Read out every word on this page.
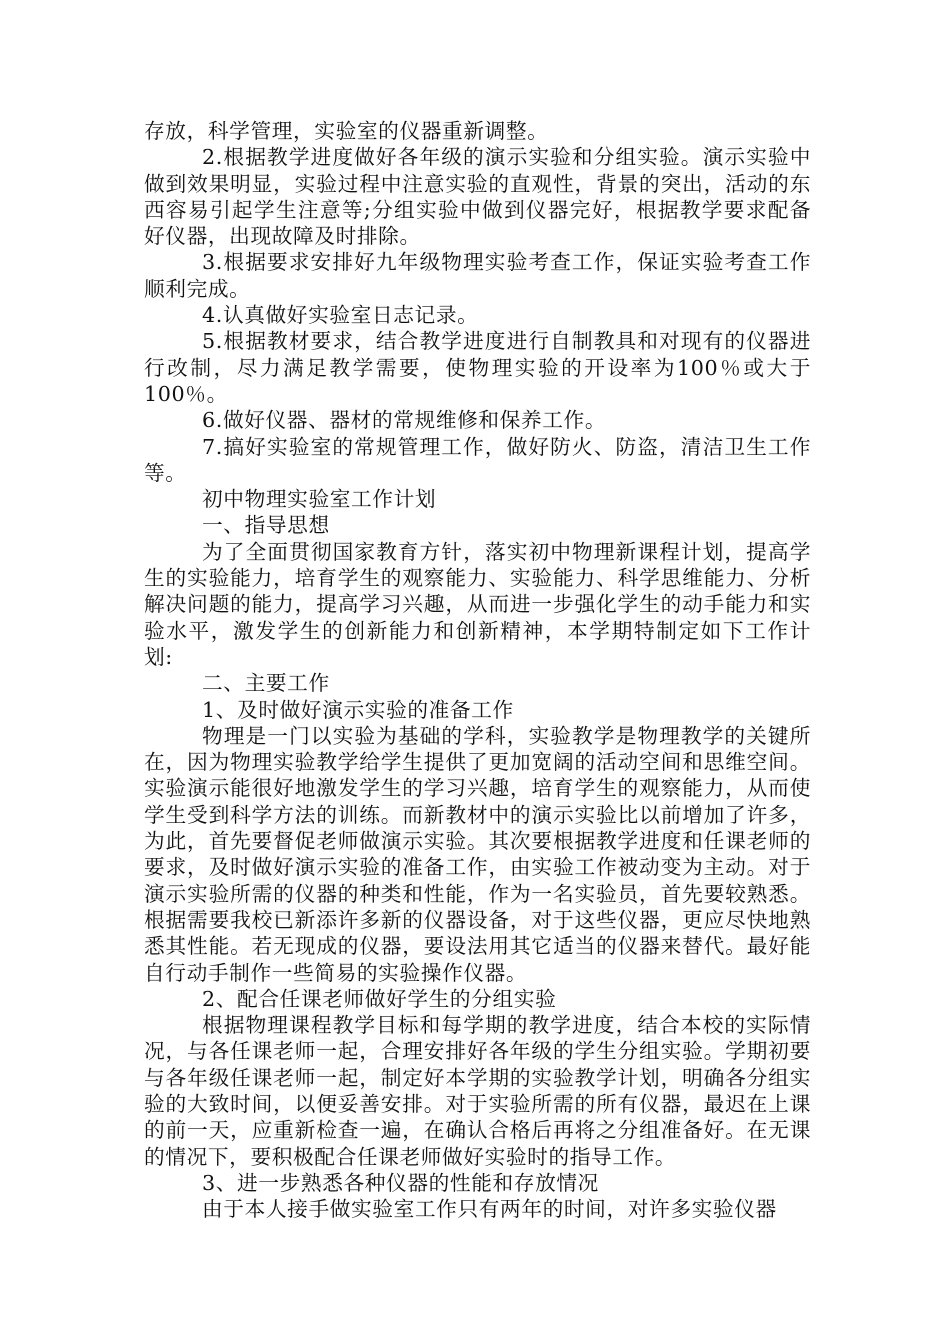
存放，科学管理，实验室的仪器重新调整。

2.根据教学进度做好各年级的演示实验和分组实验。演示实验中做到效果明显，实验过程中注意实验的直观性，背景的突出，活动的东西容易引起学生注意等;分组实验中做到仪器完好，根据教学要求配备好仪器，出现故障及时排除。

3.根据要求安排好九年级物理实验考查工作，保证实验考查工作顺利完成。

4.认真做好实验室日志记录。

5.根据教材要求，结合教学进度进行自制教具和对现有的仪器进行改制，尽力满足教学需要，使物理实验的开设率为100％或大于100％。

6.做好仪器、器材的常规维修和保养工作。

7.搞好实验室的常规管理工作，做好防火、防盗，清洁卫生工作等。

初中物理实验室工作计划

一、指导思想

为了全面贯彻国家教育方针，落实初中物理新课程计划，提高学生的实验能力，培育学生的观察能力、实验能力、科学思维能力、分析解决问题的能力，提高学习兴趣，从而进一步强化学生的动手能力和实验水平，激发学生的创新能力和创新精神，本学期特制定如下工作计划:

二、主要工作

1、及时做好演示实验的准备工作

物理是一门以实验为基础的学科，实验教学是物理教学的关键所在，因为物理实验教学给学生提供了更加宽阔的活动空间和思维空间。实验演示能很好地激发学生的学习兴趣，培育学生的观察能力，从而使学生受到科学方法的训练。而新教材中的演示实验比以前增加了许多，为此，首先要督促老师做演示实验。其次要根据教学进度和任课老师的要求，及时做好演示实验的准备工作，由实验工作被动变为主动。对于演示实验所需的仪器的种类和性能，作为一名实验员，首先要较熟悉。根据需要我校已新添许多新的仪器设备，对于这些仪器，更应尽快地熟悉其性能。若无现成的仪器，要设法用其它适当的仪器来替代。最好能自行动手制作一些简易的实验操作仪器。

2、配合任课老师做好学生的分组实验

根据物理课程教学目标和每学期的教学进度，结合本校的实际情况，与各任课老师一起，合理安排好各年级的学生分组实验。学期初要与各年级任课老师一起，制定好本学期的实验教学计划，明确各分组实验的大致时间，以便妥善安排。对于实验所需的所有仪器，最迟在上课的前一天，应重新检查一遍，在确认合格后再将之分组准备好。在无课的情况下，要积极配合任课老师做好实验时的指导工作。

3、进一步熟悉各种仪器的性能和存放情况

由于本人接手做实验室工作只有两年的时间，对许多实验仪器
